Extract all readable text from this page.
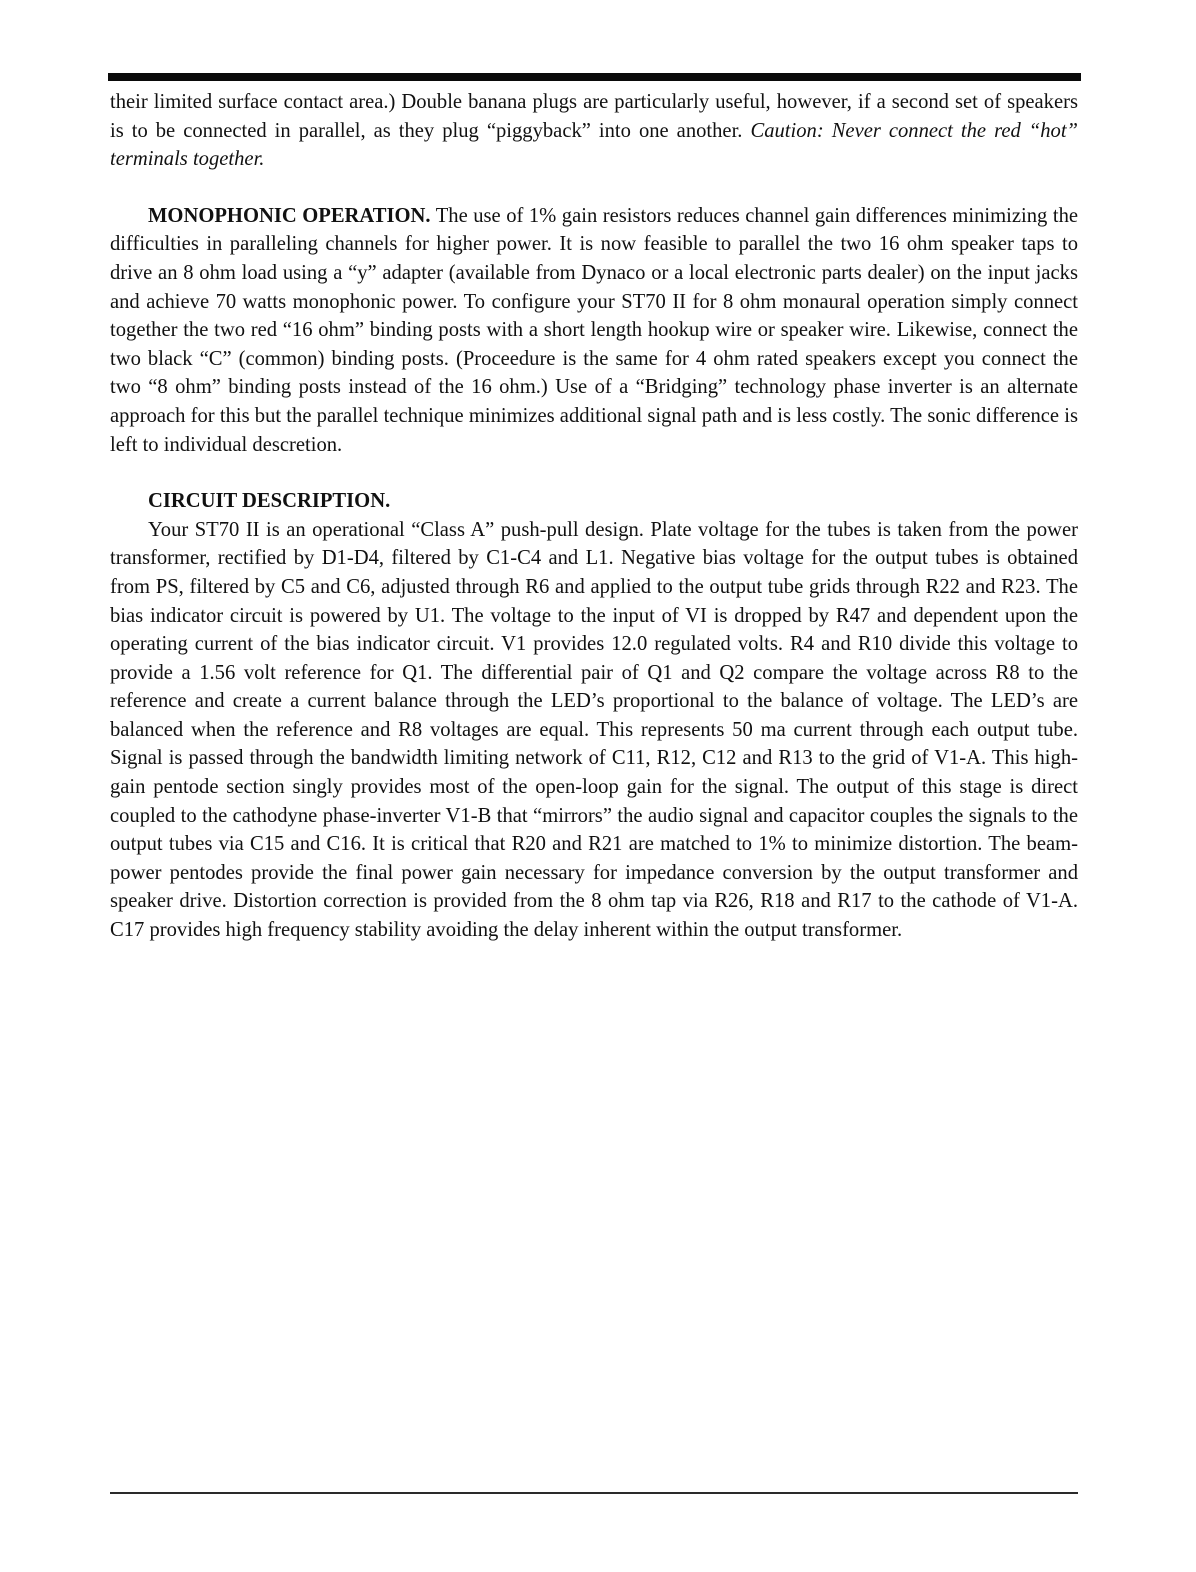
their limited surface contact area.) Double banana plugs are particularly useful, however, if a second set of speakers is to be connected in parallel, as they plug “piggyback” into one another. Caution: Never connect the red “hot” terminals together.

MONOPHONIC OPERATION. The use of 1% gain resistors reduces channel gain differences minimizing the difficulties in paralleling channels for higher power. It is now feasible to parallel the two 16 ohm speaker taps to drive an 8 ohm load using a “y” adapter (available from Dynaco or a local electronic parts dealer) on the input jacks and achieve 70 watts monophonic power. To configure your ST70 II for 8 ohm monaural operation simply connect together the two red “16 ohm” binding posts with a short length hookup wire or speaker wire. Likewise, connect the two black “C” (common) binding posts. (Proceedure is the same for 4 ohm rated speakers except you connect the two “8 ohm” binding posts instead of the 16 ohm.) Use of a “Bridging” technology phase inverter is an alternate approach for this but the parallel technique minimizes additional signal path and is less costly. The sonic difference is left to individual descretion.

CIRCUIT DESCRIPTION.

Your ST70 II is an operational “Class A” push-pull design. Plate voltage for the tubes is taken from the power transformer, rectified by D1-D4, filtered by C1-C4 and L1. Negative bias voltage for the output tubes is obtained from PS, filtered by C5 and C6, adjusted through R6 and applied to the output tube grids through R22 and R23. The bias indicator circuit is powered by U1. The voltage to the input of VI is dropped by R47 and dependent upon the operating current of the bias indicator circuit. V1 provides 12.0 regulated volts. R4 and R10 divide this voltage to provide a 1.56 volt reference for Q1. The differential pair of Q1 and Q2 compare the voltage across R8 to the reference and create a current balance through the LED’s proportional to the balance of voltage. The LED’s are balanced when the reference and R8 voltages are equal. This represents 50 ma current through each output tube. Signal is passed through the bandwidth limiting network of C11, R12, C12 and R13 to the grid of V1-A. This high-gain pentode section singly provides most of the open-loop gain for the signal. The output of this stage is direct coupled to the cathodyne phase-inverter V1-B that “mirrors” the audio signal and capacitor couples the signals to the output tubes via C15 and C16. It is critical that R20 and R21 are matched to 1% to minimize distortion. The beam-power pentodes provide the final power gain necessary for impedance conversion by the output transformer and speaker drive. Distortion correction is provided from the 8 ohm tap via R26, R18 and R17 to the cathode of V1-A. C17 provides high frequency stability avoiding the delay inherent within the output transformer.
